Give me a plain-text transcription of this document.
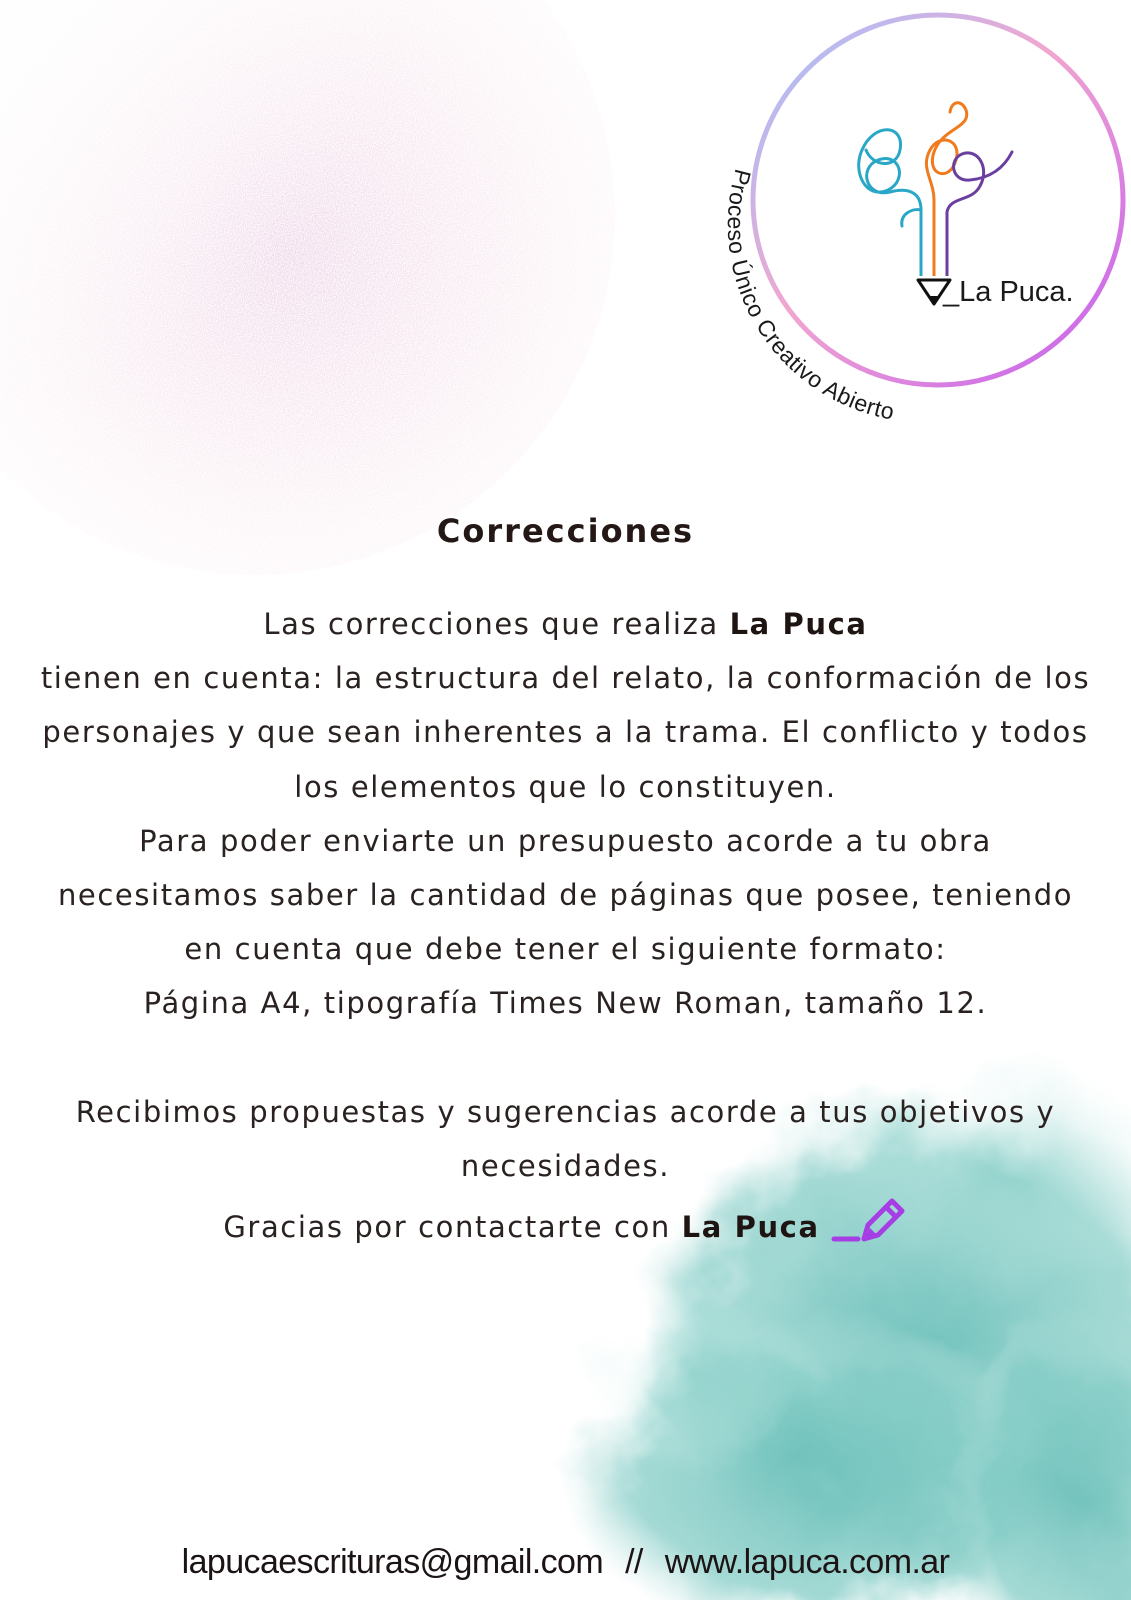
_La Puca.
Proceso Único Creativo Abierto
Correcciones
Las correcciones que realiza La Puca
tienen en cuenta: la estructura del relato, la conformación de los
personajes y que sean inherentes a la trama. El conflicto y todos
los elementos que lo constituyen.
Para poder enviarte un presupuesto acorde a tu obra
necesitamos saber la cantidad de páginas que posee, teniendo
en cuenta que debe tener el siguiente formato:
Página A4, tipografía Times New Roman, tamaño 12.
Recibimos propuestas y sugerencias acorde a tus objetivos y
necesidades.
Gracias por contactarte con La Puca
lapucaescrituras@gmail.com // www.lapuca.com.ar
